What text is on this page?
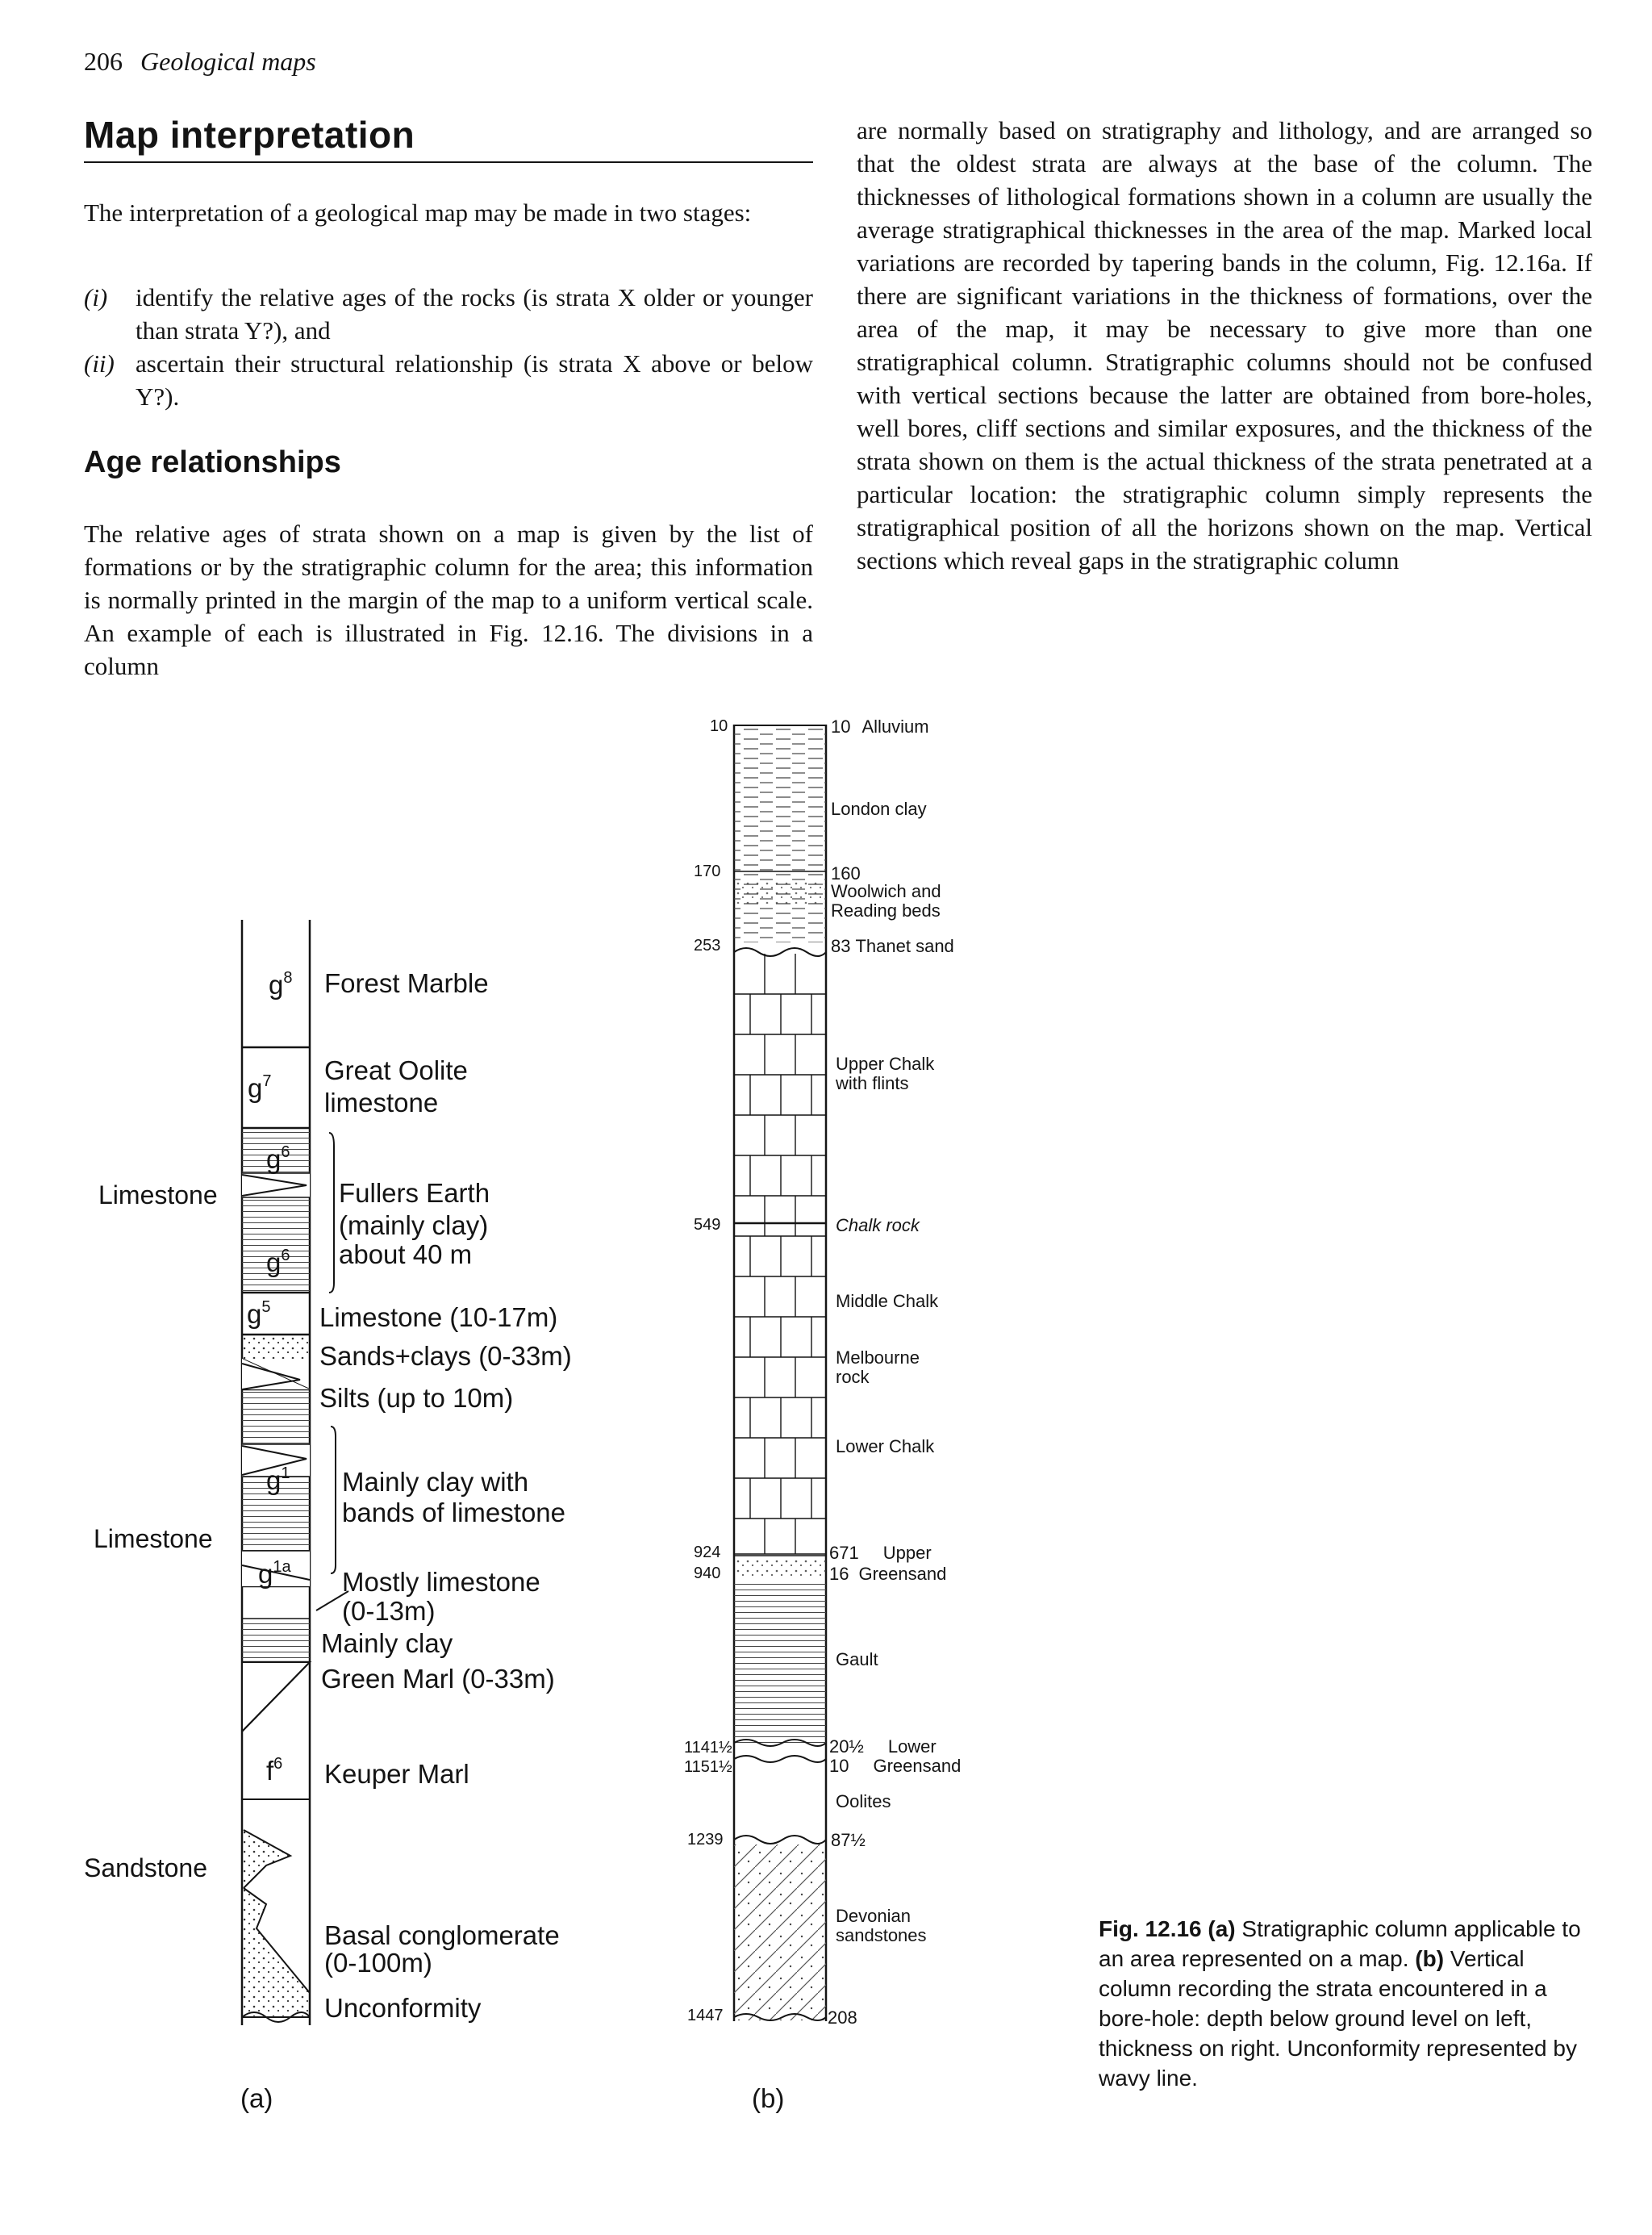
206 Geological maps
Map interpretation
The interpretation of a geological map may be made in two stages:
(i) identify the relative ages of the rocks (is strata X older or younger than strata Y?), and
(ii) ascertain their structural relationship (is strata X above or below Y?).
Age relationships
The relative ages of strata shown on a map is given by the list of formations or by the stratigraphic column for the area; this information is normally printed in the margin of the map to a uniform vertical scale. An example of each is illustrated in Fig. 12.16. The divisions in a column
are normally based on stratigraphy and lithology, and are arranged so that the oldest strata are always at the base of the column. The thicknesses of lithological formations shown in a column are usually the average stratigraphical thicknesses in the area of the map. Marked local variations are recorded by tapering bands in the column, Fig. 12.16a. If there are significant variations in the thickness of formations, over the area of the map, it may be necessary to give more than one stratigraphical column. Stratigraphic columns should not be confused with vertical sections because the latter are obtained from bore-holes, well bores, cliff sections and similar exposures, and the thickness of the strata shown on them is the actual thickness of the strata penetrated at a particular location: the stratigraphic column simply represents the stratigraphical position of all the horizons shown on the map. Vertical sections which reveal gaps in the stratigraphic column
$g^8$
$g^7$
$g^6$
$g^6$
$g^5$
$g^1$
$g^{1a}$
$f^6$
Limestone
Limestone
Sandstone
Forest Marble
Great Oolite
limestone
Fullers Earth
(mainly clay)
about 40 m
Limestone (10-17m)
Sands+clays (0-33m)
Silts (up to 10m)
Mainly clay with
bands of limestone
Mostly limestone
(0-13m)
Mainly clay
Green Marl (0-33m)
Keuper Marl
Basal conglomerate
(0-100m)
Unconformity
(a)
10
170
253
549
924
940
1141½
1151½
1239
1447
10 Alluvium
London clay
160
Woolwich and
Reading beds
83 Thanet sand
Upper Chalk
with flints
Chalk rock
Middle Chalk
Melbourne
rock
Lower Chalk
671 Upper
16 Greensand
Gault
20½ Lower
10 Greensand
Oolites
87½
Devonian
sandstones
208
(b)
Fig. 12.16 (a) Stratigraphic column applicable to an area represented on a map. (b) Vertical column recording the strata encountered in a bore-hole: depth below ground level on left, thickness on right. Unconformity represented by wavy line.
